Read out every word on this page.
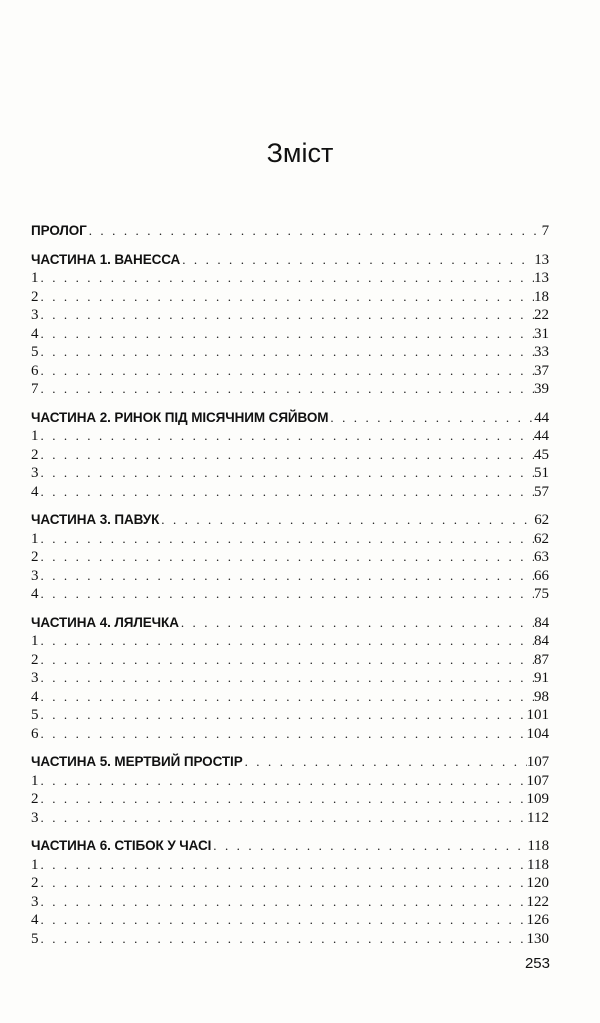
Зміст
ПРОЛОГ . . .	7
ЧАСТИНА 1. ВАНЕССА . . .	13
1 . . .	13
2 . . .	18
3 . . .	22
4 . . .	31
5 . . .	33
6 . . .	37
7 . . .	39
ЧАСТИНА 2. РИНОК ПІД МІСЯЧНИМ СЯЙВОМ . . .	44
1 . . .	44
2 . . .	45
3 . . .	51
4 . . .	57
ЧАСТИНА 3. ПАВУК . . .	62
1 . . .	62
2 . . .	63
3 . . .	66
4 . . .	75
ЧАСТИНА 4. ЛЯЛЕЧКА . . .	84
1 . . .	84
2 . . .	87
3 . . .	91
4 . . .	98
5 . . .	101
6 . . .	104
ЧАСТИНА 5. МЕРТВИЙ ПРОСТІР . . .	107
1 . . .	107
2 . . .	109
3 . . .	112
ЧАСТИНА 6. СТІБОК У ЧАСІ . . .	118
1 . . .	118
2 . . .	120
3 . . .	122
4 . . .	126
5 . . .	130
253
